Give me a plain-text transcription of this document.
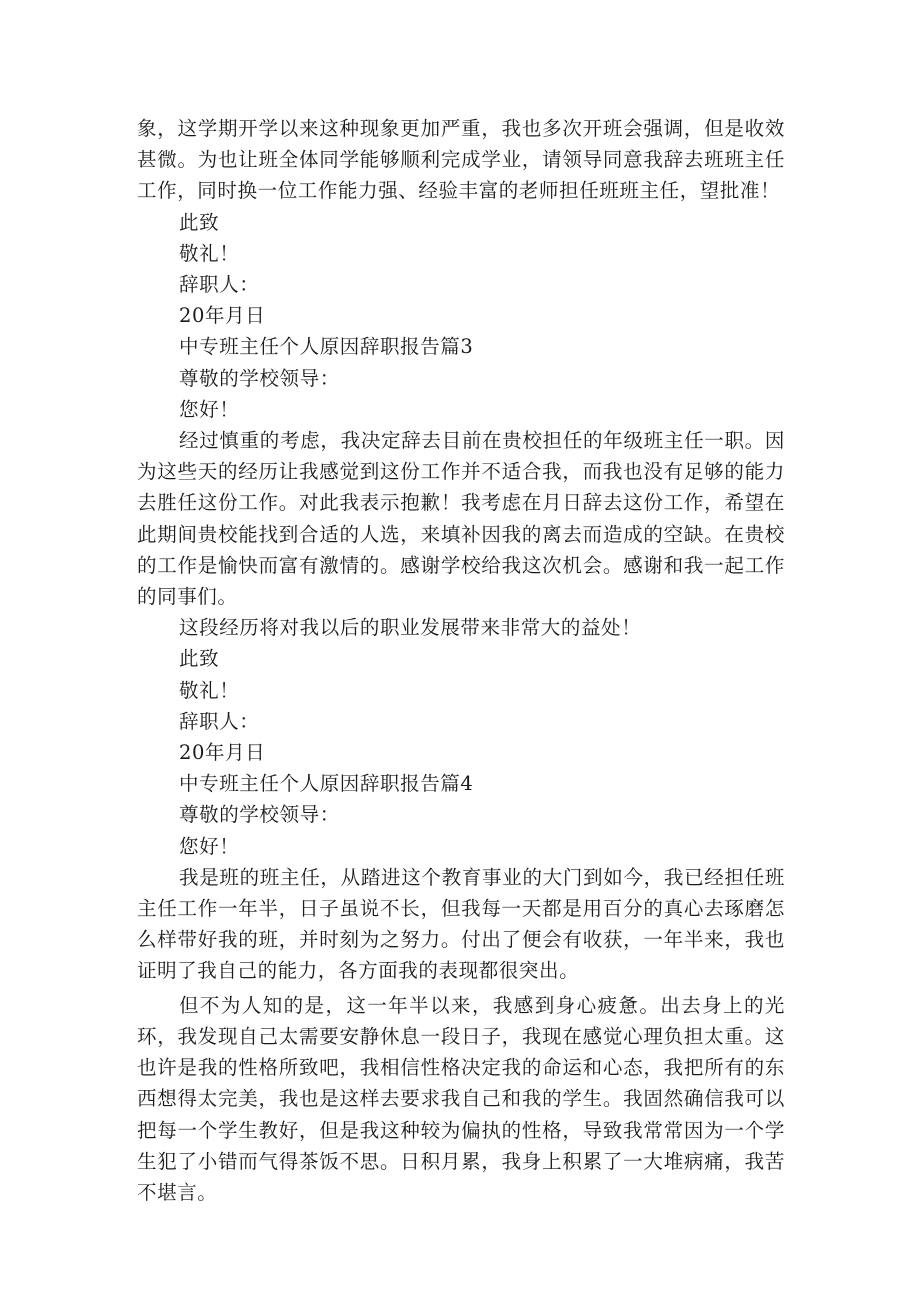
象，这学期开学以来这种现象更加严重，我也多次开班会强调，但是收效甚微。为也让班全体同学能够顺利完成学业，请领导同意我辞去班班主任工作，同时换一位工作能力强、经验丰富的老师担任班班主任，望批准！

此致

敬礼！

辞职人：

20年月日

中专班主任个人原因辞职报告篇3

尊敬的学校领导：

您好！

经过慎重的考虑，我决定辞去目前在贵校担任的年级班主任一职。因为这些天的经历让我感觉到这份工作并不适合我，而我也没有足够的能力去胜任这份工作。对此我表示抱歉！我考虑在月日辞去这份工作，希望在此期间贵校能找到合适的人选，来填补因我的离去而造成的空缺。在贵校的工作是愉快而富有激情的。感谢学校给我这次机会。感谢和我一起工作的同事们。

这段经历将对我以后的职业发展带来非常大的益处！

此致

敬礼！

辞职人：

20年月日

中专班主任个人原因辞职报告篇4

尊敬的学校领导：

您好！

我是班的班主任，从踏进这个教育事业的大门到如今，我已经担任班主任工作一年半，日子虽说不长，但我每一天都是用百分的真心去琢磨怎么样带好我的班，并时刻为之努力。付出了便会有收获，一年半来，我也证明了我自己的能力，各方面我的表现都很突出。

但不为人知的是，这一年半以来，我感到身心疲惫。出去身上的光环，我发现自己太需要安静休息一段日子，我现在感觉心理负担太重。这也许是我的性格所致吧，我相信性格决定我的命运和心态，我把所有的东西想得太完美，我也是这样去要求我自己和我的学生。我固然确信我可以把每一个学生教好，但是我这种较为偏执的性格，导致我常常因为一个学生犯了小错而气得茶饭不思。日积月累，我身上积累了一大堆病痛，我苦不堪言。
